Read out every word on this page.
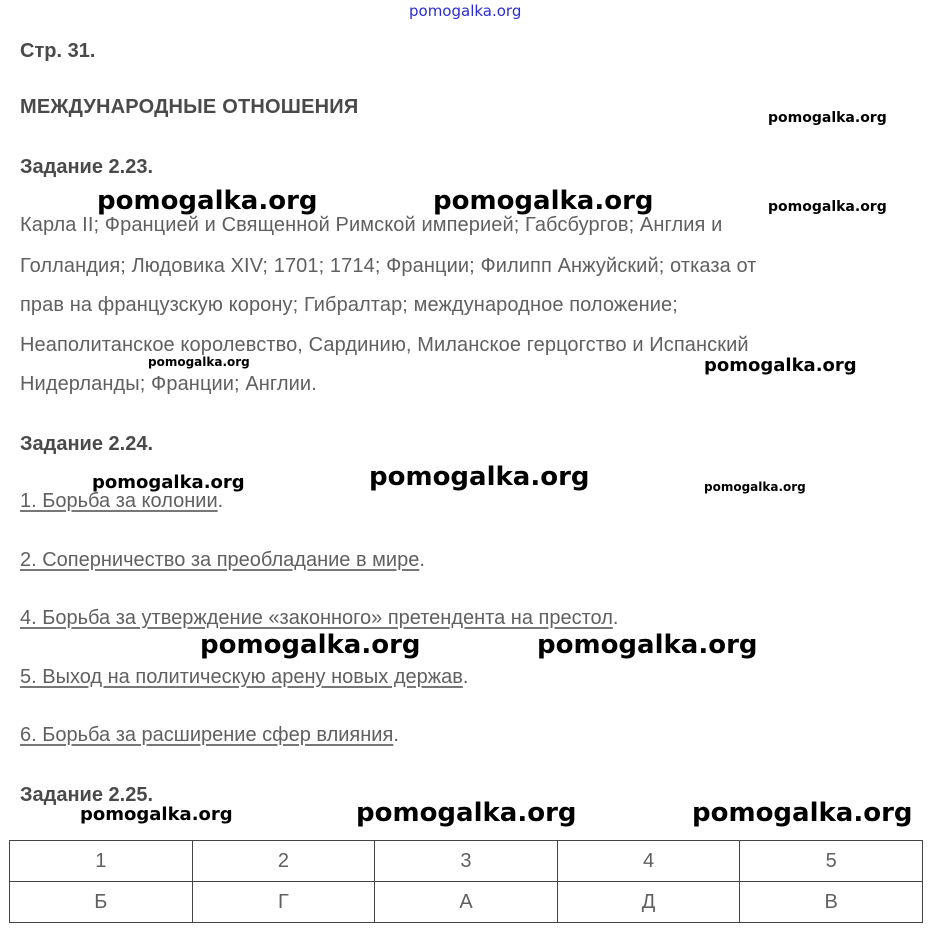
pomogalka.org
Стр. 31.
МЕЖДУНАРОДНЫЕ ОТНОШЕНИЯ
Задание 2.23.
Карла II; Францией и Священной Римской империей; Габсбургов; Англия и
Голландия; Людовика XIV; 1701; 1714; Франции; Филипп Анжуйский; отказа от
прав на французскую корону; Гибралтар; международное положение;
Неаполитанское королевство, Сардинию, Миланское герцогство и Испанский
Нидерланды; Франции; Англии.
Задание 2.24.
1. Борьба за колонии.
2. Соперничество за преобладание в мире.
4. Борьба за утверждение «законного» претендента на престол.
5. Выход на политическую арену новых держав.
6. Борьба за расширение сфер влияния.
Задание 2.25.
1	2	3	4	5
Б	Г	А	Д	В
pomogalka.org
pomogalka.org	pomogalka.org	pomogalka.org
pomogalka.org	pomogalka.org
pomogalka.org	pomogalka.org	pomogalka.org
pomogalka.org	pomogalka.org
pomogalka.org	pomogalka.org	pomogalka.org
